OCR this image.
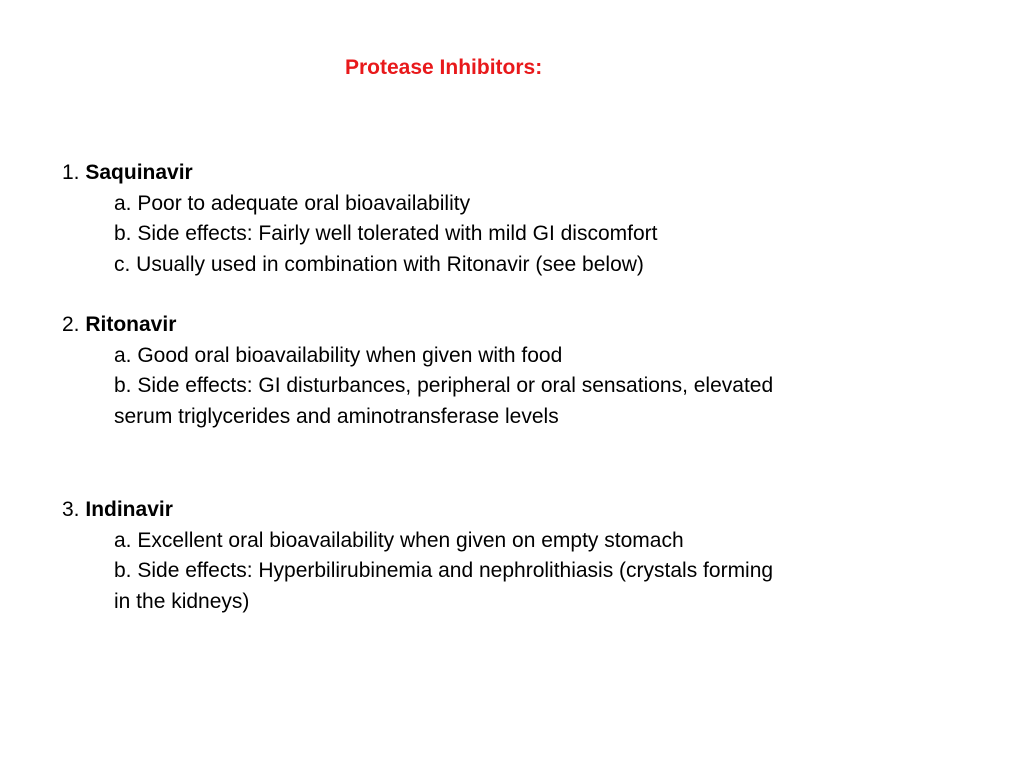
Protease Inhibitors:
1. Saquinavir
a. Poor to adequate oral bioavailability
b. Side effects: Fairly well tolerated with mild GI discomfort
c. Usually used in combination with Ritonavir (see below)
2. Ritonavir
a. Good oral bioavailability when given with food
b. Side effects: GI disturbances, peripheral or oral sensations, elevated
serum triglycerides and aminotransferase levels
3. Indinavir
a. Excellent oral bioavailability when given on empty stomach
b. Side effects: Hyperbilirubinemia and nephrolithiasis (crystals forming
in the kidneys)
